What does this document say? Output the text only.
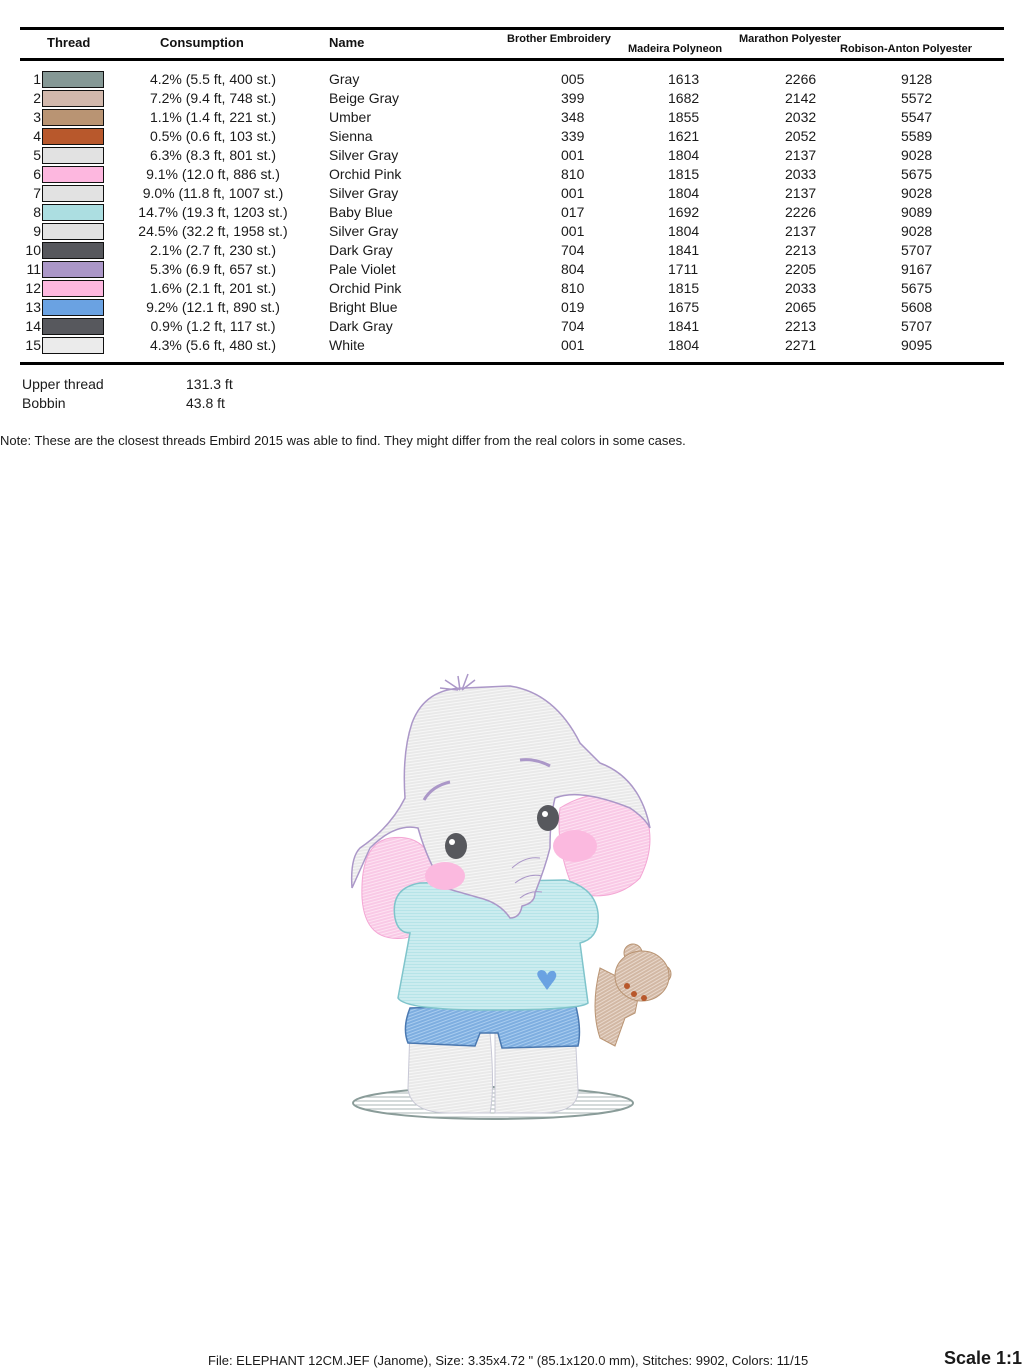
Thread	Consumption	Name	Brother Embroidery
Madeira Polyneon
Marathon Polyester
Robison-Anton Polyester
1	4.2% (5.5 ft, 400 st.)	Gray	005	1613	2266	9128
2	7.2% (9.4 ft, 748 st.)	Beige Gray	399	1682	2142	5572
3	1.1% (1.4 ft, 221 st.)	Umber	348	1855	2032	5547
4	0.5% (0.6 ft, 103 st.)	Sienna	339	1621	2052	5589
5	6.3% (8.3 ft, 801 st.)	Silver Gray	001	1804	2137	9028
6	9.1% (12.0 ft, 886 st.)	Orchid Pink	810	1815	2033	5675
7	9.0% (11.8 ft, 1007 st.)	Silver Gray	001	1804	2137	9028
8	14.7% (19.3 ft, 1203 st.)	Baby Blue	017	1692	2226	9089
9	24.5% (32.2 ft, 1958 st.)	Silver Gray	001	1804	2137	9028
10	2.1% (2.7 ft, 230 st.)	Dark Gray	704	1841	2213	5707
11	5.3% (6.9 ft, 657 st.)	Pale Violet	804	1711	2205	9167
12	1.6% (2.1 ft, 201 st.)	Orchid Pink	810	1815	2033	5675
13	9.2% (12.1 ft, 890 st.)	Bright Blue	019	1675	2065	5608
14	0.9% (1.2 ft, 117 st.)	Dark Gray	704	1841	2213	5707
15	4.3% (5.6 ft, 480 st.)	White	001	1804	2271	9095
Upper thread	131.3 ft
Bobbin	43.8 ft
Note: These are the closest threads Embird 2015 was able to find. They might differ from the real colors in some cases.
File: ELEPHANT 12CM.JEF (Janome), Size: 3.35x4.72 " (85.1x120.0 mm), Stitches: 9902, Colors: 11/15	Scale 1:1
